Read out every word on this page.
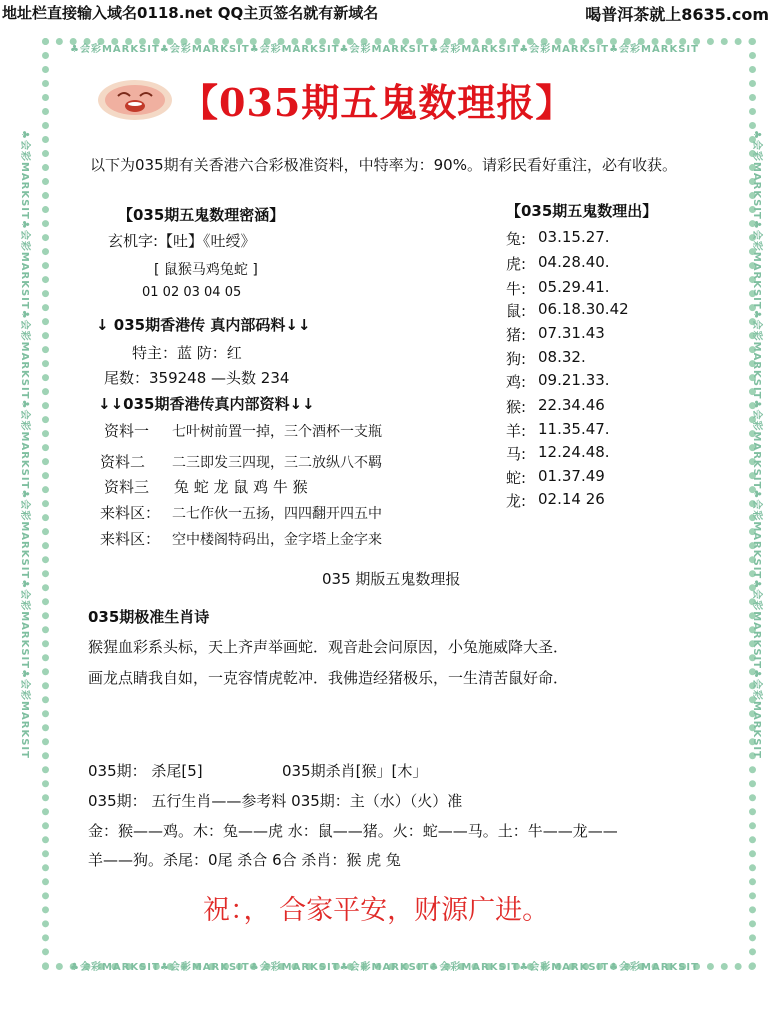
地址栏直接输入域名0118.net QQ主页签名就有新域名	喝普洱茶就上8635.com
♣会彩MARKSIT♣会彩MARKSIT♣会彩MARKSIT♣会彩MARKSIT♣会彩MARKSIT♣会彩MARKSIT♣会彩MARKSIT
♣会彩MARKSIT♣会彩MARKSIT♣会彩MARKSIT♣会彩MARKSIT♣会彩MARKSIT♣会彩MARKSIT♣会彩MARKSIT
♣会彩MARKSIT♣会彩MARKSIT♣会彩MARKSIT♣会彩MARKSIT♣会彩MARKSIT♣会彩MARKSIT♣会彩MARKSIT	♣会彩MARKSIT♣会彩MARKSIT♣会彩MARKSIT♣会彩MARKSIT♣会彩MARKSIT♣会彩MARKSIT♣会彩MARKSIT
【035期五鬼数理报】
以下为035期有关香港六合彩极准资料，中特率为：90%。请彩民看好重注，必有收获。
【035期五鬼数理密涵】
玄机字:【吐】《吐绶》
[ 鼠猴马鸡兔蛇 ]
01 02 03 04 05
↓ 035期香港传 真内部码料↓↓
特主：蓝 防：红
尾数：359248 —头数 234
↓↓035期香港传真内部资料↓↓
资料一 七叶树前置一掉，三个酒杯一支瓶
资料二 二三即发三四现，三二放纵八不羁
资料三 兔 蛇 龙 鼠 鸡 牛 猴
来料区： 二七作伙一五扬，四四翻开四五中
来料区： 空中楼阁特码出，金字塔上金字来
【035期五鬼数理出】
兔: 03.15.27.
虎: 04.28.40.
牛: 05.29.41.
鼠: 06.18.30.42
猪: 07.31.43
狗: 08.32.
鸡: 09.21.33.
猴: 22.34.46
羊: 11.35.47.
马: 12.24.48.
蛇: 01.37.49
龙: 02.14 26
035 期版五鬼数理报
035期极准生肖诗
猴猩血彩系头标，天上齐声举画蛇．观音赴会问原因，小兔施威降大圣．
画龙点睛我自如，一克容情虎乾冲．我佛造经猪极乐，一生清苦鼠好命．
035期： 杀尾[5]	035期杀肖[猴」[木」
035期： 五行生肖——参考料 035期：主（水）（火）准
金：猴——鸡。木：兔——虎 水：鼠——猪。火：蛇——马。土：牛——龙——
羊——狗。杀尾：0尾 杀合 6合 杀肖：猴 虎 兔
祝：， 合家平安，财源广进。
